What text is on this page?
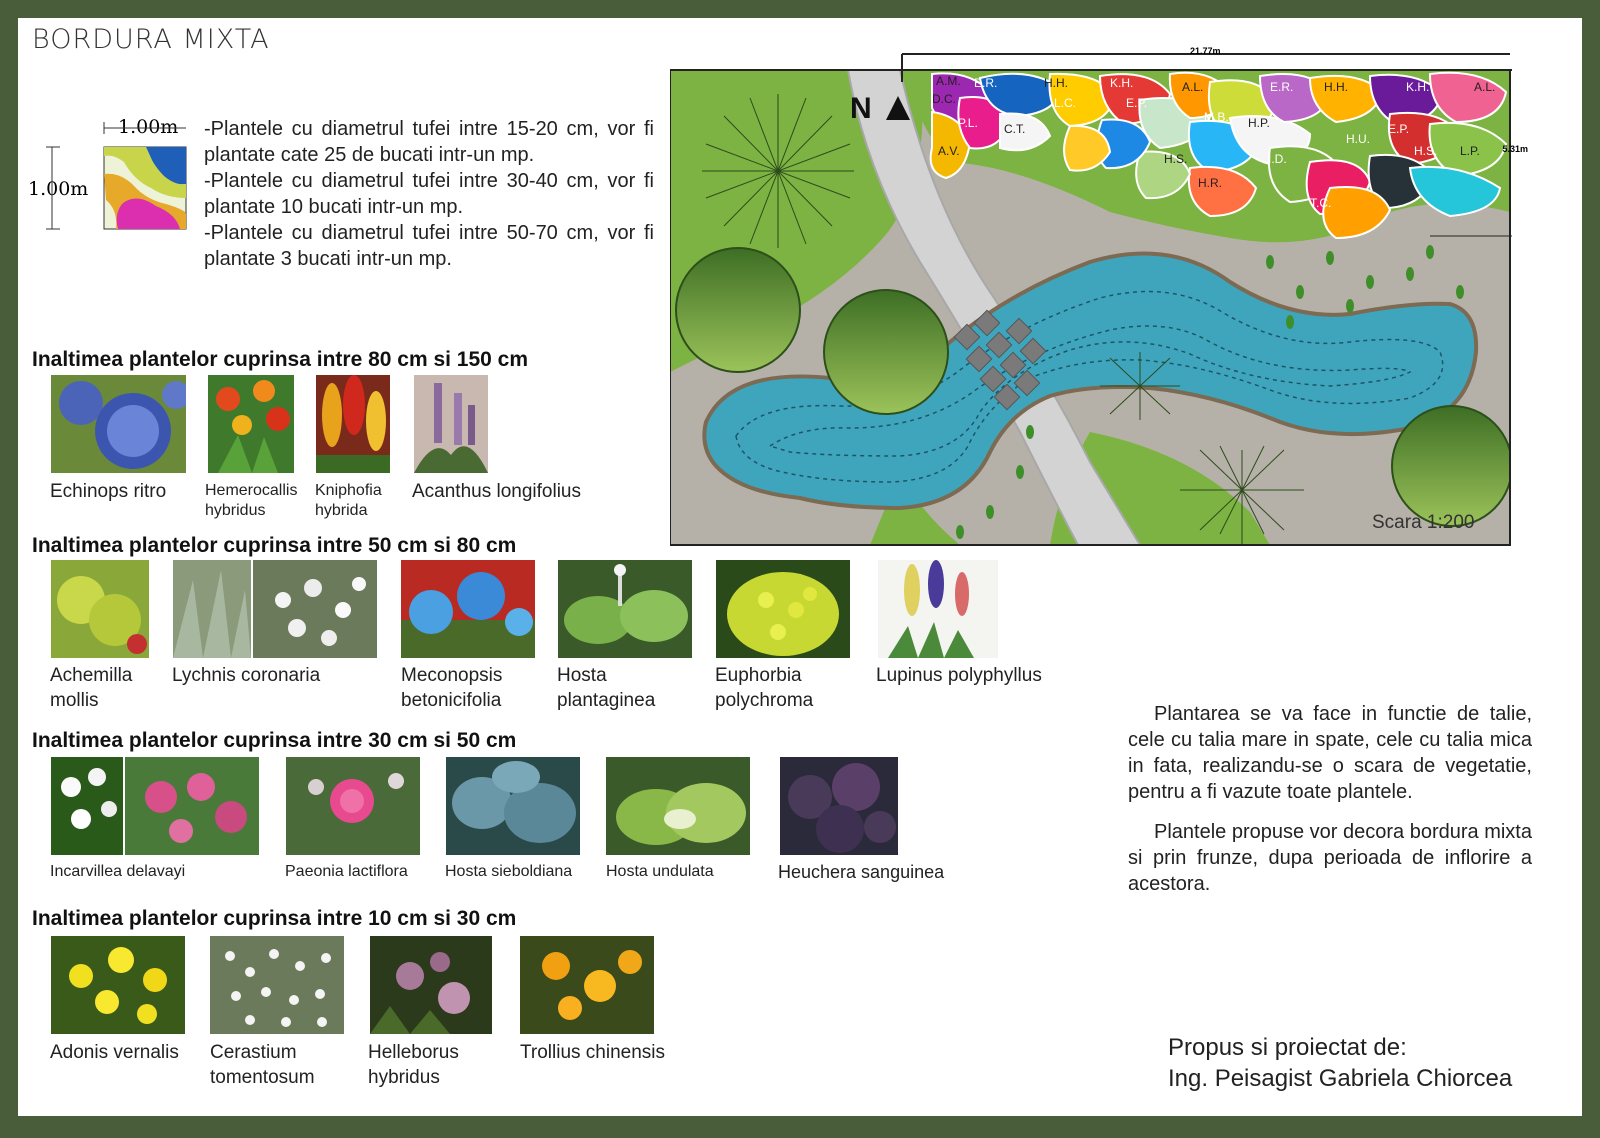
BORDURA MIXTA
1.00m
1.00m

-Plantele cu diametrul tufei intre 15-20 cm, vor fi plantate cate 25 de bucati intr-un mp.

-Plantele cu diametrul tufei intre 30-40 cm, vor fi plantate 10 bucati intr-un mp.

-Plantele cu diametrul tufei intre 50-70 cm, vor fi plantate 3 bucati intr-un mp.

Inaltimea plantelor cuprinsa intre 80 cm si 150 cm
Echinops ritro Hemerocallis hybridus
Kniphofia hybrida
Acanthus longifolius
Inaltimea plantelor cuprinsa intre 50 cm si 80 cm
Achemilla mollis
Lychnis coronaria	Meconopsis betonicifolia
Hosta plantaginea
Euphorbia polychroma
Lupinus polyphyllus
Inaltimea plantelor cuprinsa intre 30 cm si 50 cm
Incarvillea delavayi	Paeonia lactiflora Hosta sieboldiana Hosta undulata	Heuchera sanguinea
Inaltimea plantelor cuprinsa intre 10 cm si 30 cm
Adonis vernalis Cerastium tomentosum
Helleborus hybridus
Trollius chinensis
N
21.77m
5.31m
Scara 1:200
A.M. E.R.	H.H.	K.H.	A.L.	E.R.	H.H.	K.H.	A.L.
D.C.
P.L.
L.C.
C.T.
E.P.
M.B. H.P.
H.U.
E.P.
A.V.
H.S.	I.D.
H.S. L.P.
H.R.
T.C.

Plantarea se va face in functie de talie, cele cu talia mare in spate, cele cu talia mica in fata, realizandu-se o scara de vegetatie, pentru a fi vazute toate plantele.

Plantele propuse vor decora bordura mixta si prin frunze, dupa perioada de inflorire a acestora.

Propus si proiectat de:
Ing. Peisagist Gabriela Chiorcea
